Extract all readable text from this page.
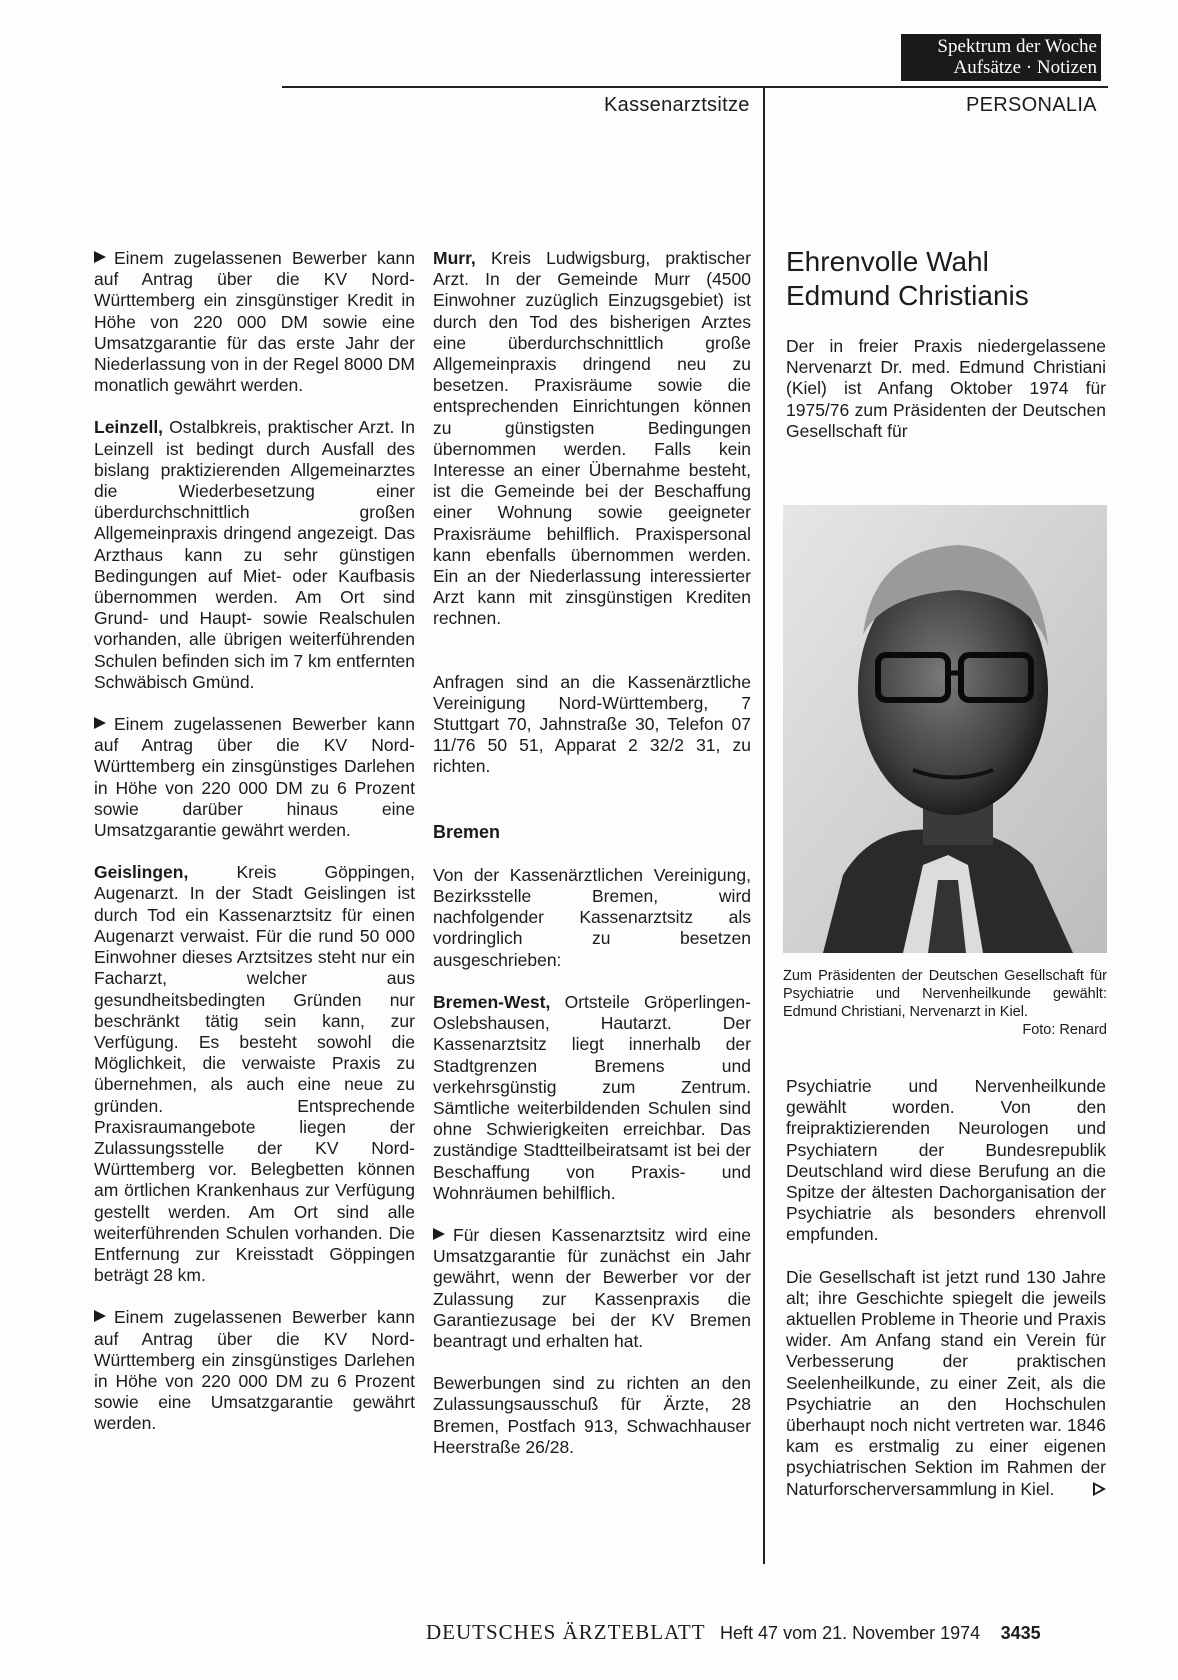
Spektrum der Woche
Aufsätze · Notizen
Kassenarztsitze	PERSONALIA

Einem zugelassenen Bewerber kann auf Antrag über die KV Nord-Württemberg ein zinsgünstiger Kredit in Höhe von 220 000 DM sowie eine Umsatzgarantie für das erste Jahr der Niederlassung von in der Regel 8000 DM monatlich gewährt werden.

Leinzell, Ostalbkreis, praktischer Arzt. In Leinzell ist bedingt durch Ausfall des bislang praktizierenden Allgemeinarztes die Wiederbesetzung einer überdurchschnittlich großen Allgemeinpraxis dringend angezeigt. Das Arzthaus kann zu sehr günstigen Bedingungen auf Miet- oder Kaufbasis übernommen werden. Am Ort sind Grund- und Haupt- sowie Realschulen vorhanden, alle übrigen weiterführenden Schulen befinden sich im 7 km entfernten Schwäbisch Gmünd.

Einem zugelassenen Bewerber kann auf Antrag über die KV Nord-Württemberg ein zinsgünstiges Darlehen in Höhe von 220 000 DM zu 6 Prozent sowie darüber hinaus eine Umsatzgarantie gewährt werden.

Geislingen,	Kreis Göppingen, Augenarzt. In der Stadt Geislingen ist durch Tod ein Kassenarztsitz für einen Augenarzt verwaist. Für die rund 50 000 Einwohner dieses Arztsitzes steht nur ein Facharzt, welcher aus gesundheitsbedingten Gründen nur beschränkt tätig sein kann, zur Verfügung. Es besteht sowohl die Möglichkeit, die verwaiste Praxis zu übernehmen, als auch eine neue zu gründen. Entsprechende Praxisraumangebote liegen der Zulassungsstelle der KV Nord-Württemberg vor. Belegbetten können am örtlichen Krankenhaus zur Verfügung gestellt werden. Am Ort sind alle weiterführenden Schulen vorhanden. Die Entfernung zur Kreisstadt Göppingen beträgt 28 km.

Einem zugelassenen Bewerber kann auf Antrag über die KV Nord-Württemberg ein zinsgünstiges Darlehen in Höhe von 220 000 DM zu 6 Prozent sowie eine Umsatzgarantie gewährt werden.

Murr, Kreis Ludwigsburg, praktischer Arzt. In der Gemeinde Murr (4500 Einwohner zuzüglich Einzugsgebiet) ist durch den Tod des bisherigen Arztes eine überdurchschnittlich große Allgemeinpraxis dringend neu zu besetzen. Praxisräume sowie die entsprechenden Einrichtungen können zu günstigsten Bedingungen übernommen werden. Falls kein Interesse an einer Übernahme besteht, ist die Gemeinde bei der Beschaffung einer Wohnung sowie geeigneter Praxisräume behilflich. Praxispersonal kann ebenfalls übernommen werden. Ein an der Niederlassung interessierter Arzt kann mit zinsgünstigen Krediten rechnen.

Anfragen sind an die Kassenärztliche Vereinigung Nord-Württemberg, 7 Stuttgart 70, Jahnstraße 30, Telefon 07 11/76 50 51, Apparat 2 32/2 31, zu richten.

Bremen

Von der Kassenärztlichen Vereinigung, Bezirksstelle Bremen, wird nachfolgender Kassenarztsitz als vordringlich zu besetzen ausgeschrieben:

Bremen-West, Ortsteile Gröperlingen-Oslebshausen, Hautarzt. Der Kassenarztsitz liegt innerhalb der Stadtgrenzen Bremens und verkehrsgünstig zum Zentrum. Sämtliche weiterbildenden Schulen sind ohne Schwierigkeiten erreichbar. Das zuständige Stadtteilbeiratsamt ist bei der Beschaffung von Praxis- und Wohnräumen behilflich.

Für diesen Kassenarztsitz wird eine Umsatzgarantie für zunächst ein Jahr gewährt, wenn der Bewerber vor der Zulassung zur Kassenpraxis die Garantiezusage bei der KV Bremen beantragt und erhalten hat.

Bewerbungen sind zu richten an den Zulassungsausschuß für Ärzte, 28 Bremen, Postfach 913, Schwachhauser Heerstraße 26/28.

Ehrenvolle Wahl
Edmund Christianis

Der in freier Praxis niedergelassene Nervenarzt Dr. med. Edmund Christiani (Kiel) ist Anfang Oktober 1974 für 1975/76 zum Präsidenten der Deutschen Gesellschaft für

Zum Präsidenten der Deutschen Gesellschaft für Psychiatrie und Nervenheilkunde gewählt: Edmund Christiani, Nervenarzt in Kiel.
Foto: Renard

Psychiatrie und Nervenheilkunde gewählt worden. Von den freipraktizierenden Neurologen und Psychiatern der Bundesrepublik Deutschland wird diese Berufung an die Spitze der ältesten Dachorganisation der Psychiatrie als besonders ehrenvoll empfunden.

Die Gesellschaft ist jetzt rund 130 Jahre alt; ihre Geschichte spiegelt die jeweils aktuellen Probleme in Theorie und Praxis wider. Am Anfang stand ein Verein für Verbesserung der praktischen Seelenheilkunde, zu einer Zeit, als die Psychiatrie an den Hochschulen überhaupt noch nicht vertreten war. 1846 kam es erstmalig zu einer eigenen psychiatrischen Sektion im Rahmen der Naturforscherversammlung in Kiel.

DEUTSCHES ÄRZTEBLATT Heft 47 vom 21. November 1974 3435
